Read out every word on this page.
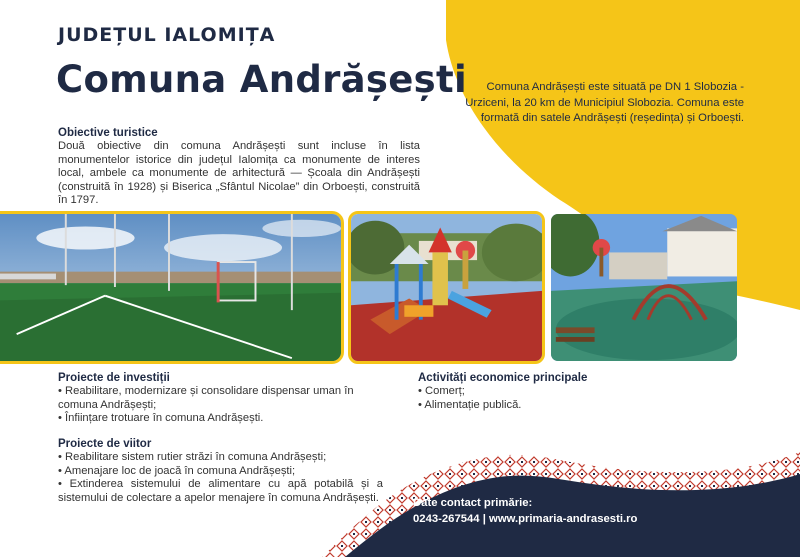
JUDEȚUL IALOMIȚA
Comuna Andrășești	Comuna Andrășești este situată pe DN 1 Slobozia - Urziceni, la 20 km de Municipiul Slobozia. Comuna este formată din satele Andrășești (reședința) și Orboești.
Obiective turistice
Două obiective din comuna Andrășești sunt incluse în lista monumentelor istorice din județul Ialomița ca monumente de interes local, ambele ca monumente de arhitectură — Școala din Andrășești (construită în 1928) și Biserica „Sfântul Nicolae” din Orboești, construită în 1797.
Proiecte de investiții
• Reabilitare, modernizare și consolidare dispensar uman în comuna Andrășești;
• Înființare trotuare în comuna Andrășești.
Proiecte de viitor
• Reabilitare sistem rutier străzi în comuna Andrășești;
• Amenajare loc de joacă în comuna Andrășești;
• Extinderea sistemului de alimentare cu apă potabilă și a sistemului de colectare a apelor menajere în comuna Andrășești.
Activități economice principale
• Comerț;
• Alimentație publică.
Date contact primărie:
0243-267544 | www.primaria-andrasesti.ro
